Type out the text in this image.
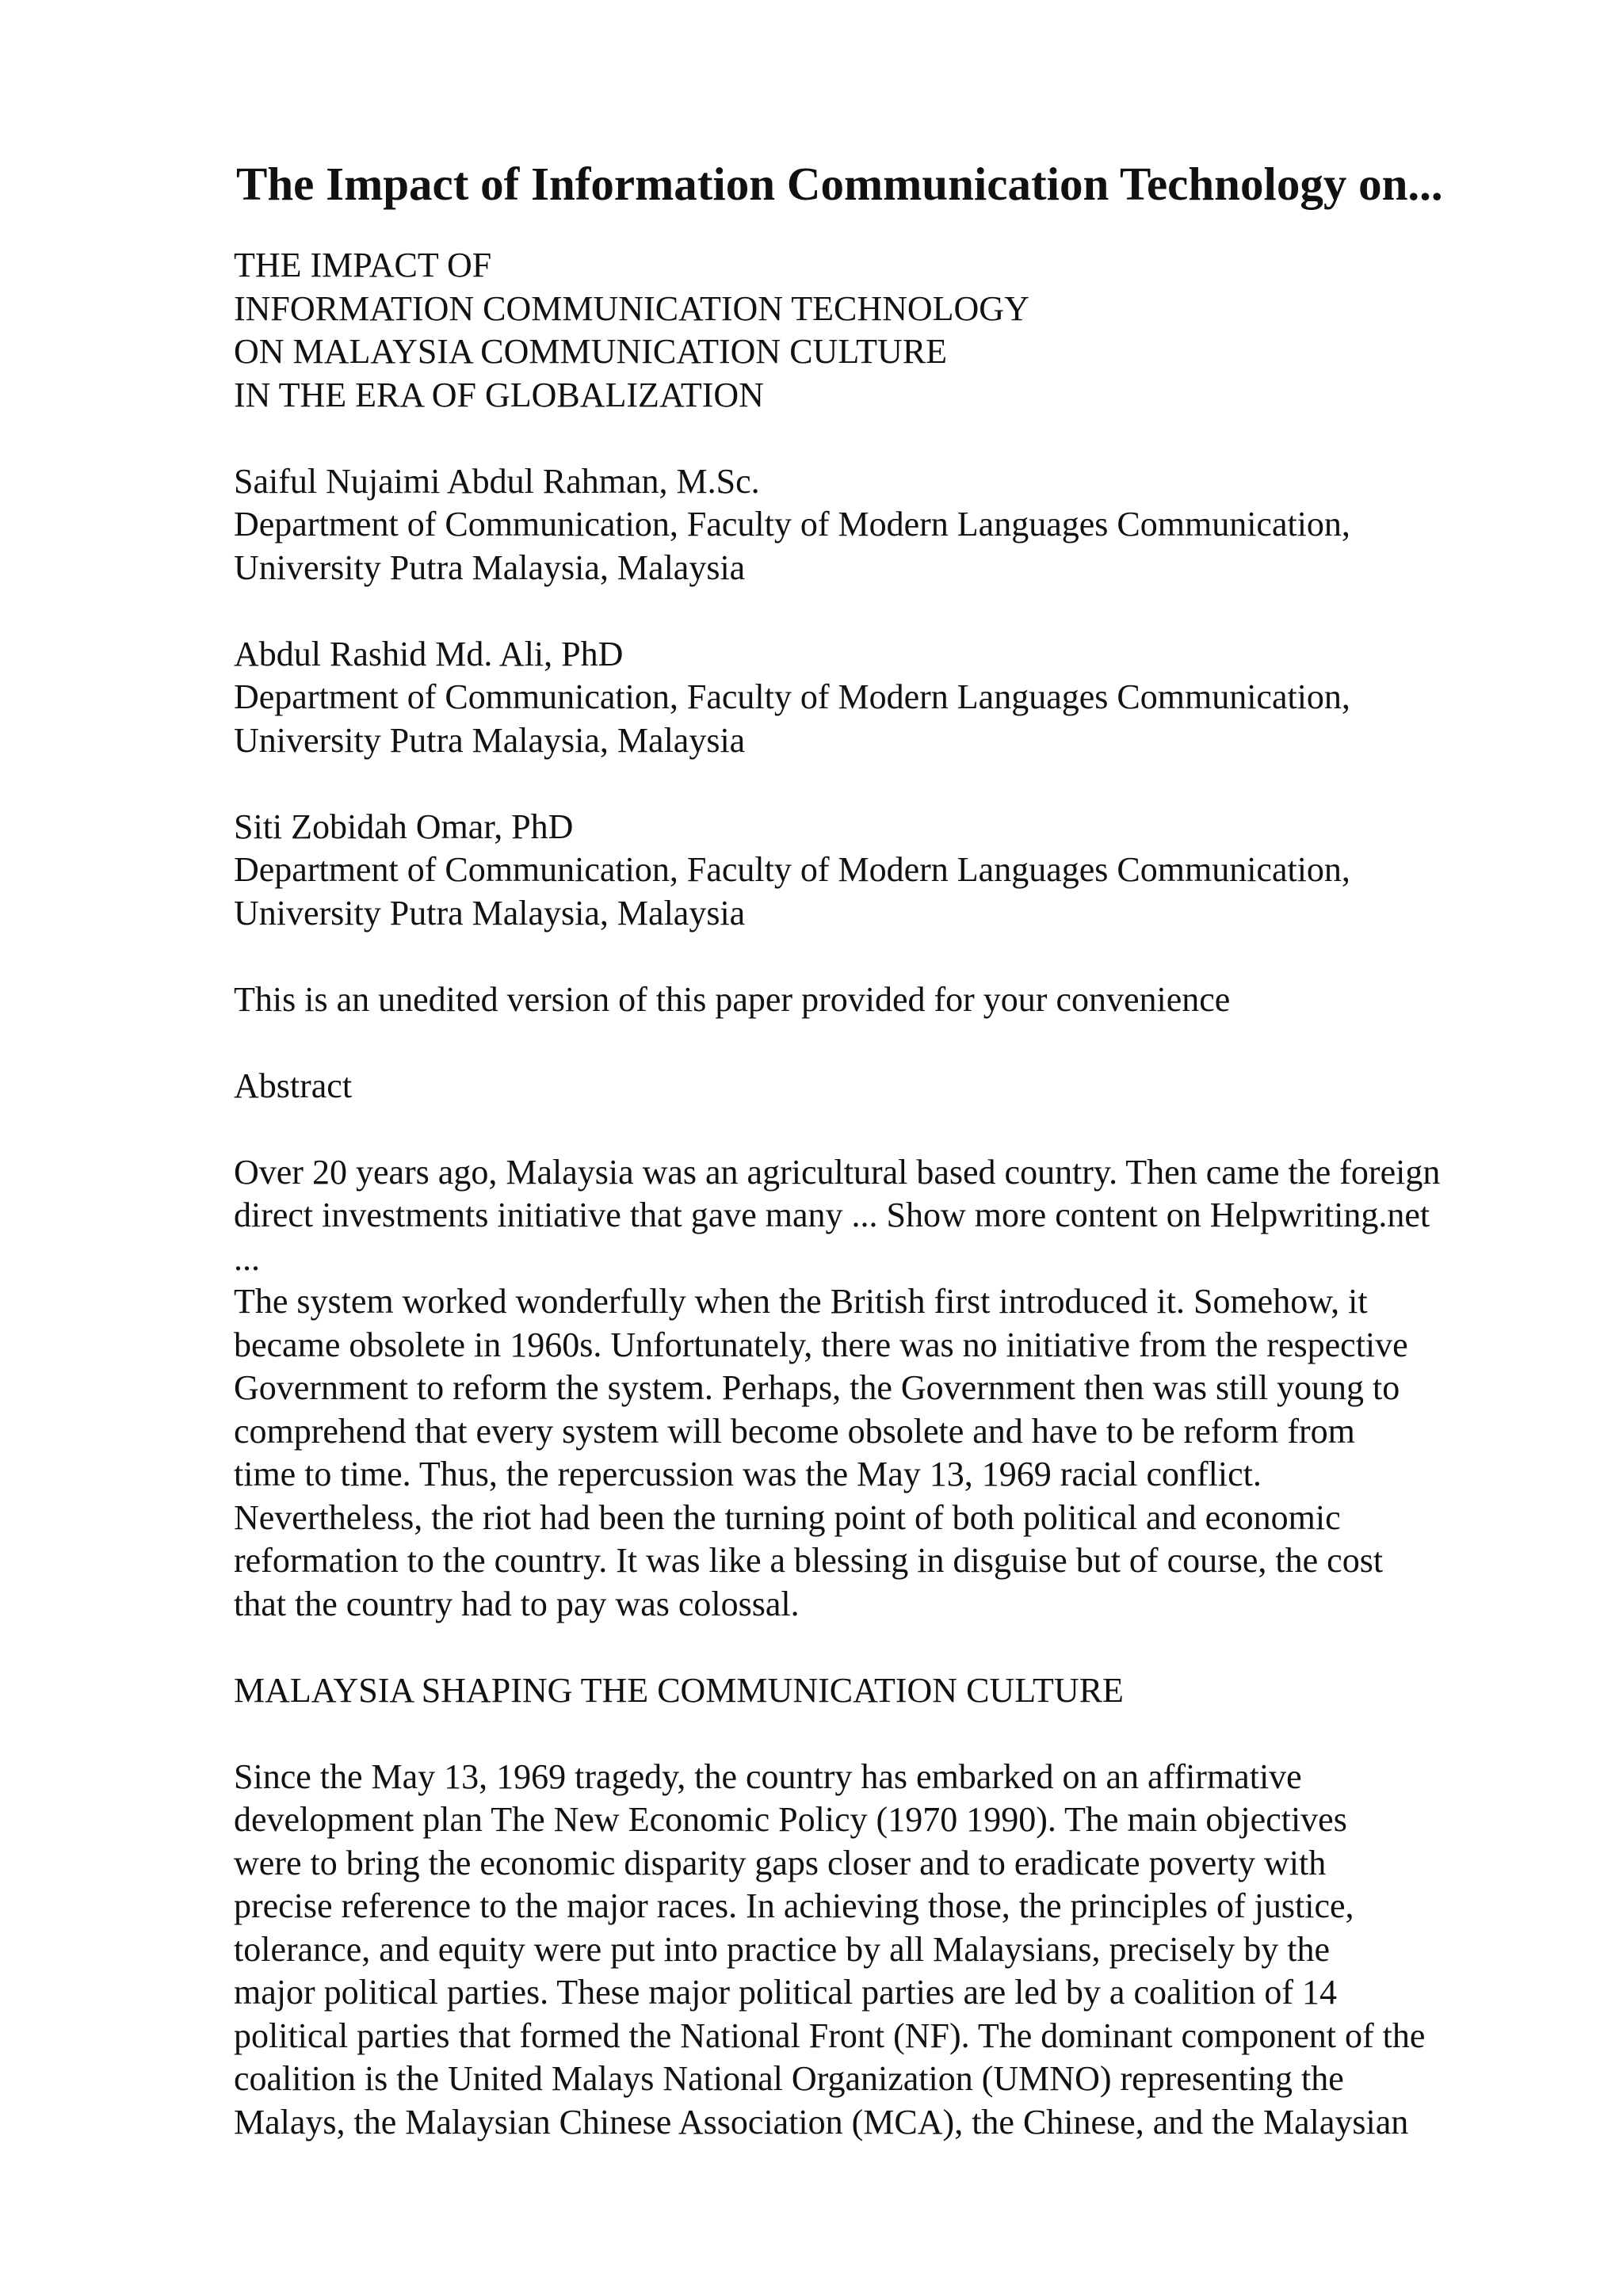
The Impact of Information Communication Technology on...
THE IMPACT OF
INFORMATION COMMUNICATION TECHNOLOGY
ON MALAYSIA COMMUNICATION CULTURE
IN THE ERA OF GLOBALIZATION
Saiful Nujaimi Abdul Rahman, M.Sc.
Department of Communication, Faculty of Modern Languages Communication,
University Putra Malaysia, Malaysia
Abdul Rashid Md. Ali, PhD
Department of Communication, Faculty of Modern Languages Communication,
University Putra Malaysia, Malaysia
Siti Zobidah Omar, PhD
Department of Communication, Faculty of Modern Languages Communication,
University Putra Malaysia, Malaysia
This is an unedited version of this paper provided for your convenience
Abstract
Over 20 years ago, Malaysia was an agricultural based country. Then came the foreign
direct investments initiative that gave many ... Show more content on Helpwriting.net
...
The system worked wonderfully when the British first introduced it. Somehow, it
became obsolete in 1960s. Unfortunately, there was no initiative from the respective
Government to reform the system. Perhaps, the Government then was still young to
comprehend that every system will become obsolete and have to be reform from
time to time. Thus, the repercussion was the May 13, 1969 racial conflict.
Nevertheless, the riot had been the turning point of both political and economic
reformation to the country. It was like a blessing in disguise but of course, the cost
that the country had to pay was colossal.
MALAYSIA SHAPING THE COMMUNICATION CULTURE
Since the May 13, 1969 tragedy, the country has embarked on an affirmative
development plan The New Economic Policy (1970 1990). The main objectives
were to bring the economic disparity gaps closer and to eradicate poverty with
precise reference to the major races. In achieving those, the principles of justice,
tolerance, and equity were put into practice by all Malaysians, precisely by the
major political parties. These major political parties are led by a coalition of 14
political parties that formed the National Front (NF). The dominant component of the
coalition is the United Malays National Organization (UMNO) representing the
Malays, the Malaysian Chinese Association (MCA), the Chinese, and the Malaysian
